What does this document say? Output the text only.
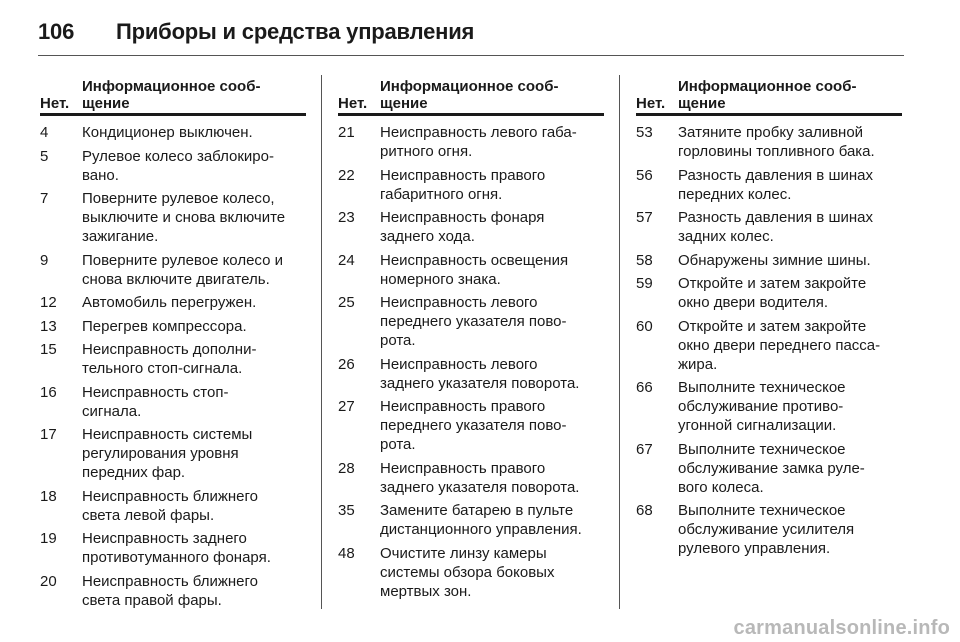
106	Приборы и средства управления
Нет.
Информационное сооб-
щение
4	Кондиционер выключен.
5	Рулевое колесо заблокиро-
вано.
7	Поверните рулевое колесо,
выключите и снова включите
зажигание.
9	Поверните рулевое колесо и
снова включите двигатель.
12	Автомобиль перегружен.
13	Перегрев компрессора.
15	Неисправность дополни-
тельного стоп-сигнала.
16	Неисправность стоп-
сигнала.
17	Неисправность системы
регулирования уровня
передних фар.
18	Неисправность ближнего
света левой фары.
19	Неисправность заднего
противотуманного фонаря.
20	Неисправность ближнего
света правой фары.
Нет.
Информационное сооб-
щение
21	Неисправность левого габа-
ритного огня.
22	Неисправность правого
габаритного огня.
23	Неисправность фонаря
заднего хода.
24	Неисправность освещения
номерного знака.
25	Неисправность левого
переднего указателя пово-
рота.
26	Неисправность левого
заднего указателя поворота.
27	Неисправность правого
переднего указателя пово-
рота.
28	Неисправность правого
заднего указателя поворота.
35	Замените батарею в пульте
дистанционного управления.
48	Очистите линзу камеры
системы обзора боковых
мертвых зон.
Нет.
Информационное сооб-
щение
53	Затяните пробку заливной
горловины топливного бака.
56	Разность давления в шинах
передних колес.
57	Разность давления в шинах
задних колес.
58	Обнаружены зимние шины.
59	Откройте и затем закройте
окно двери водителя.
60	Откройте и затем закройте
окно двери переднего пасса-
жира.
66	Выполните техническое
обслуживание противо-
угонной сигнализации.
67	Выполните техническое
обслуживание замка руле-
вого колеса.
68	Выполните техническое
обслуживание усилителя
рулевого управления.
carmanualsonline.info
